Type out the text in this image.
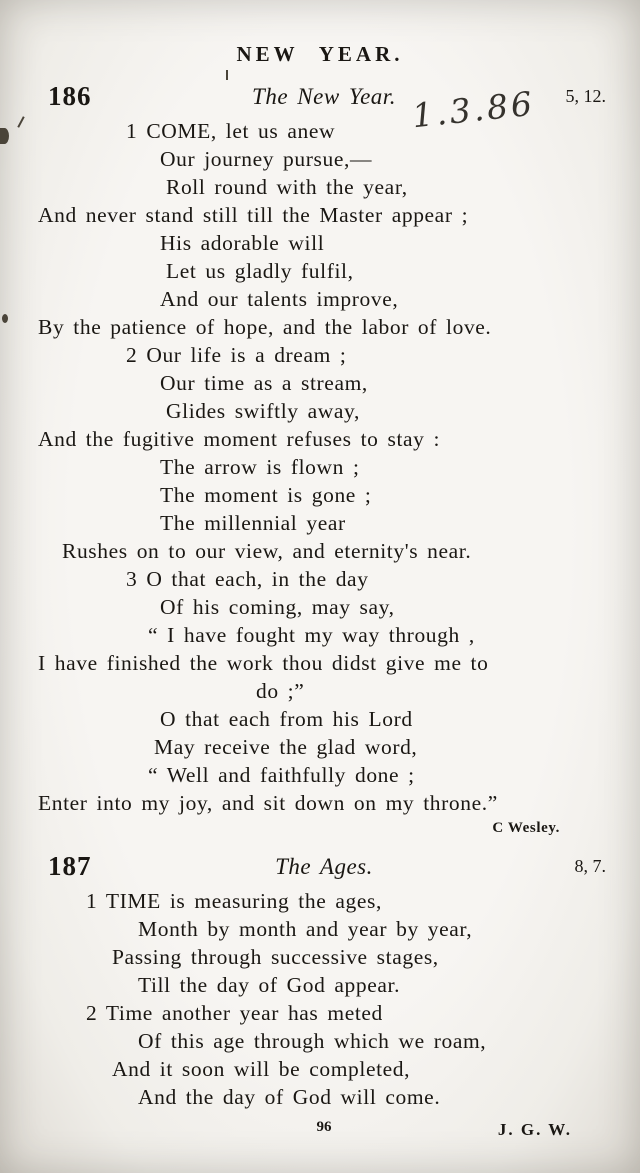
NEW YEAR.
1.3.86
186	The New Year.	5, 12.
1 COME, let us anew
Our journey pursue,—
Roll round with the year,
And never stand still till the Master appear ;
His adorable will
Let us gladly fulfil,
And our talents improve,
By the patience of hope, and the labor of love.
2 Our life is a dream ;
Our time as a stream,
Glides swiftly away,
And the fugitive moment refuses to stay :
The arrow is flown ;
The moment is gone ;
The millennial year
Rushes on to our view, and eternity's near.
3 O that each, in the day
Of his coming, may say,
“ I have fought my way through ,
I have finished the work thou didst give me to
do ;”
O that each from his Lord
May receive the glad word,
“ Well and faithfully done ;
Enter into my joy, and sit down on my throne.”
C Wesley.
187	The Ages.	8, 7.
1 TIME is measuring the ages,
Month by month and year by year,
Passing through successive stages,
Till the day of God appear.
2 Time another year has meted
Of this age through which we roam,
And it soon will be completed,
And the day of God will come.
96	J. G. W.
